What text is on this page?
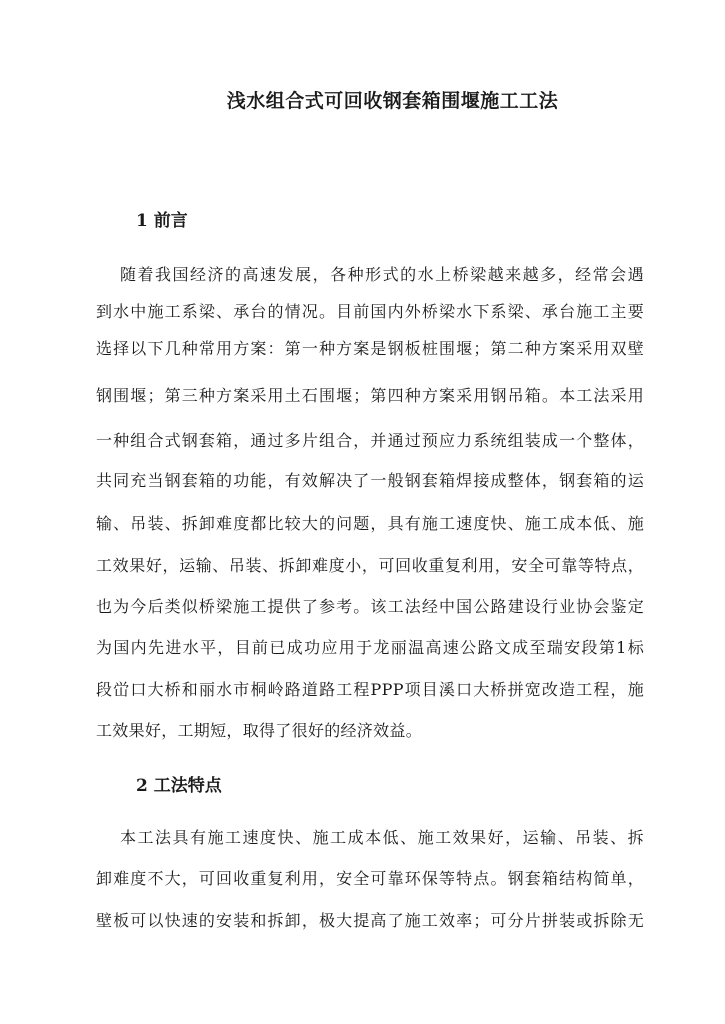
浅水组合式可回收钢套箱围堰施工工法
1 前言
随着我国经济的高速发展，各种形式的水上桥梁越来越多，经常会遇
到水中施工系梁、承台的情况。目前国内外桥梁水下系梁、承台施工主要
选择以下几种常用方案：第一种方案是钢板桩围堰；第二种方案采用双壁
钢围堰；第三种方案采用土石围堰；第四种方案采用钢吊箱。本工法采用
一种组合式钢套箱，通过多片组合，并通过预应力系统组装成一个整体，
共同充当钢套箱的功能，有效解决了一般钢套箱焊接成整体，钢套箱的运
输、吊装、拆卸难度都比较大的问题，具有施工速度快、施工成本低、施
工效果好，运输、吊装、拆卸难度小，可回收重复利用，安全可靠等特点，
也为今后类似桥梁施工提供了参考。该工法经中国公路建设行业协会鉴定
为国内先进水平，目前已成功应用于龙丽温高速公路文成至瑞安段第1标
段峃口大桥和丽水市桐岭路道路工程PPP项目溪口大桥拼宽改造工程，施
工效果好，工期短，取得了很好的经济效益。
2 工法特点
本工法具有施工速度快、施工成本低、施工效果好，运输、吊装、拆
卸难度不大，可回收重复利用，安全可靠环保等特点。钢套箱结构简单，
壁板可以快速的安装和拆卸，极大提高了施工效率；可分片拼装或拆除无
